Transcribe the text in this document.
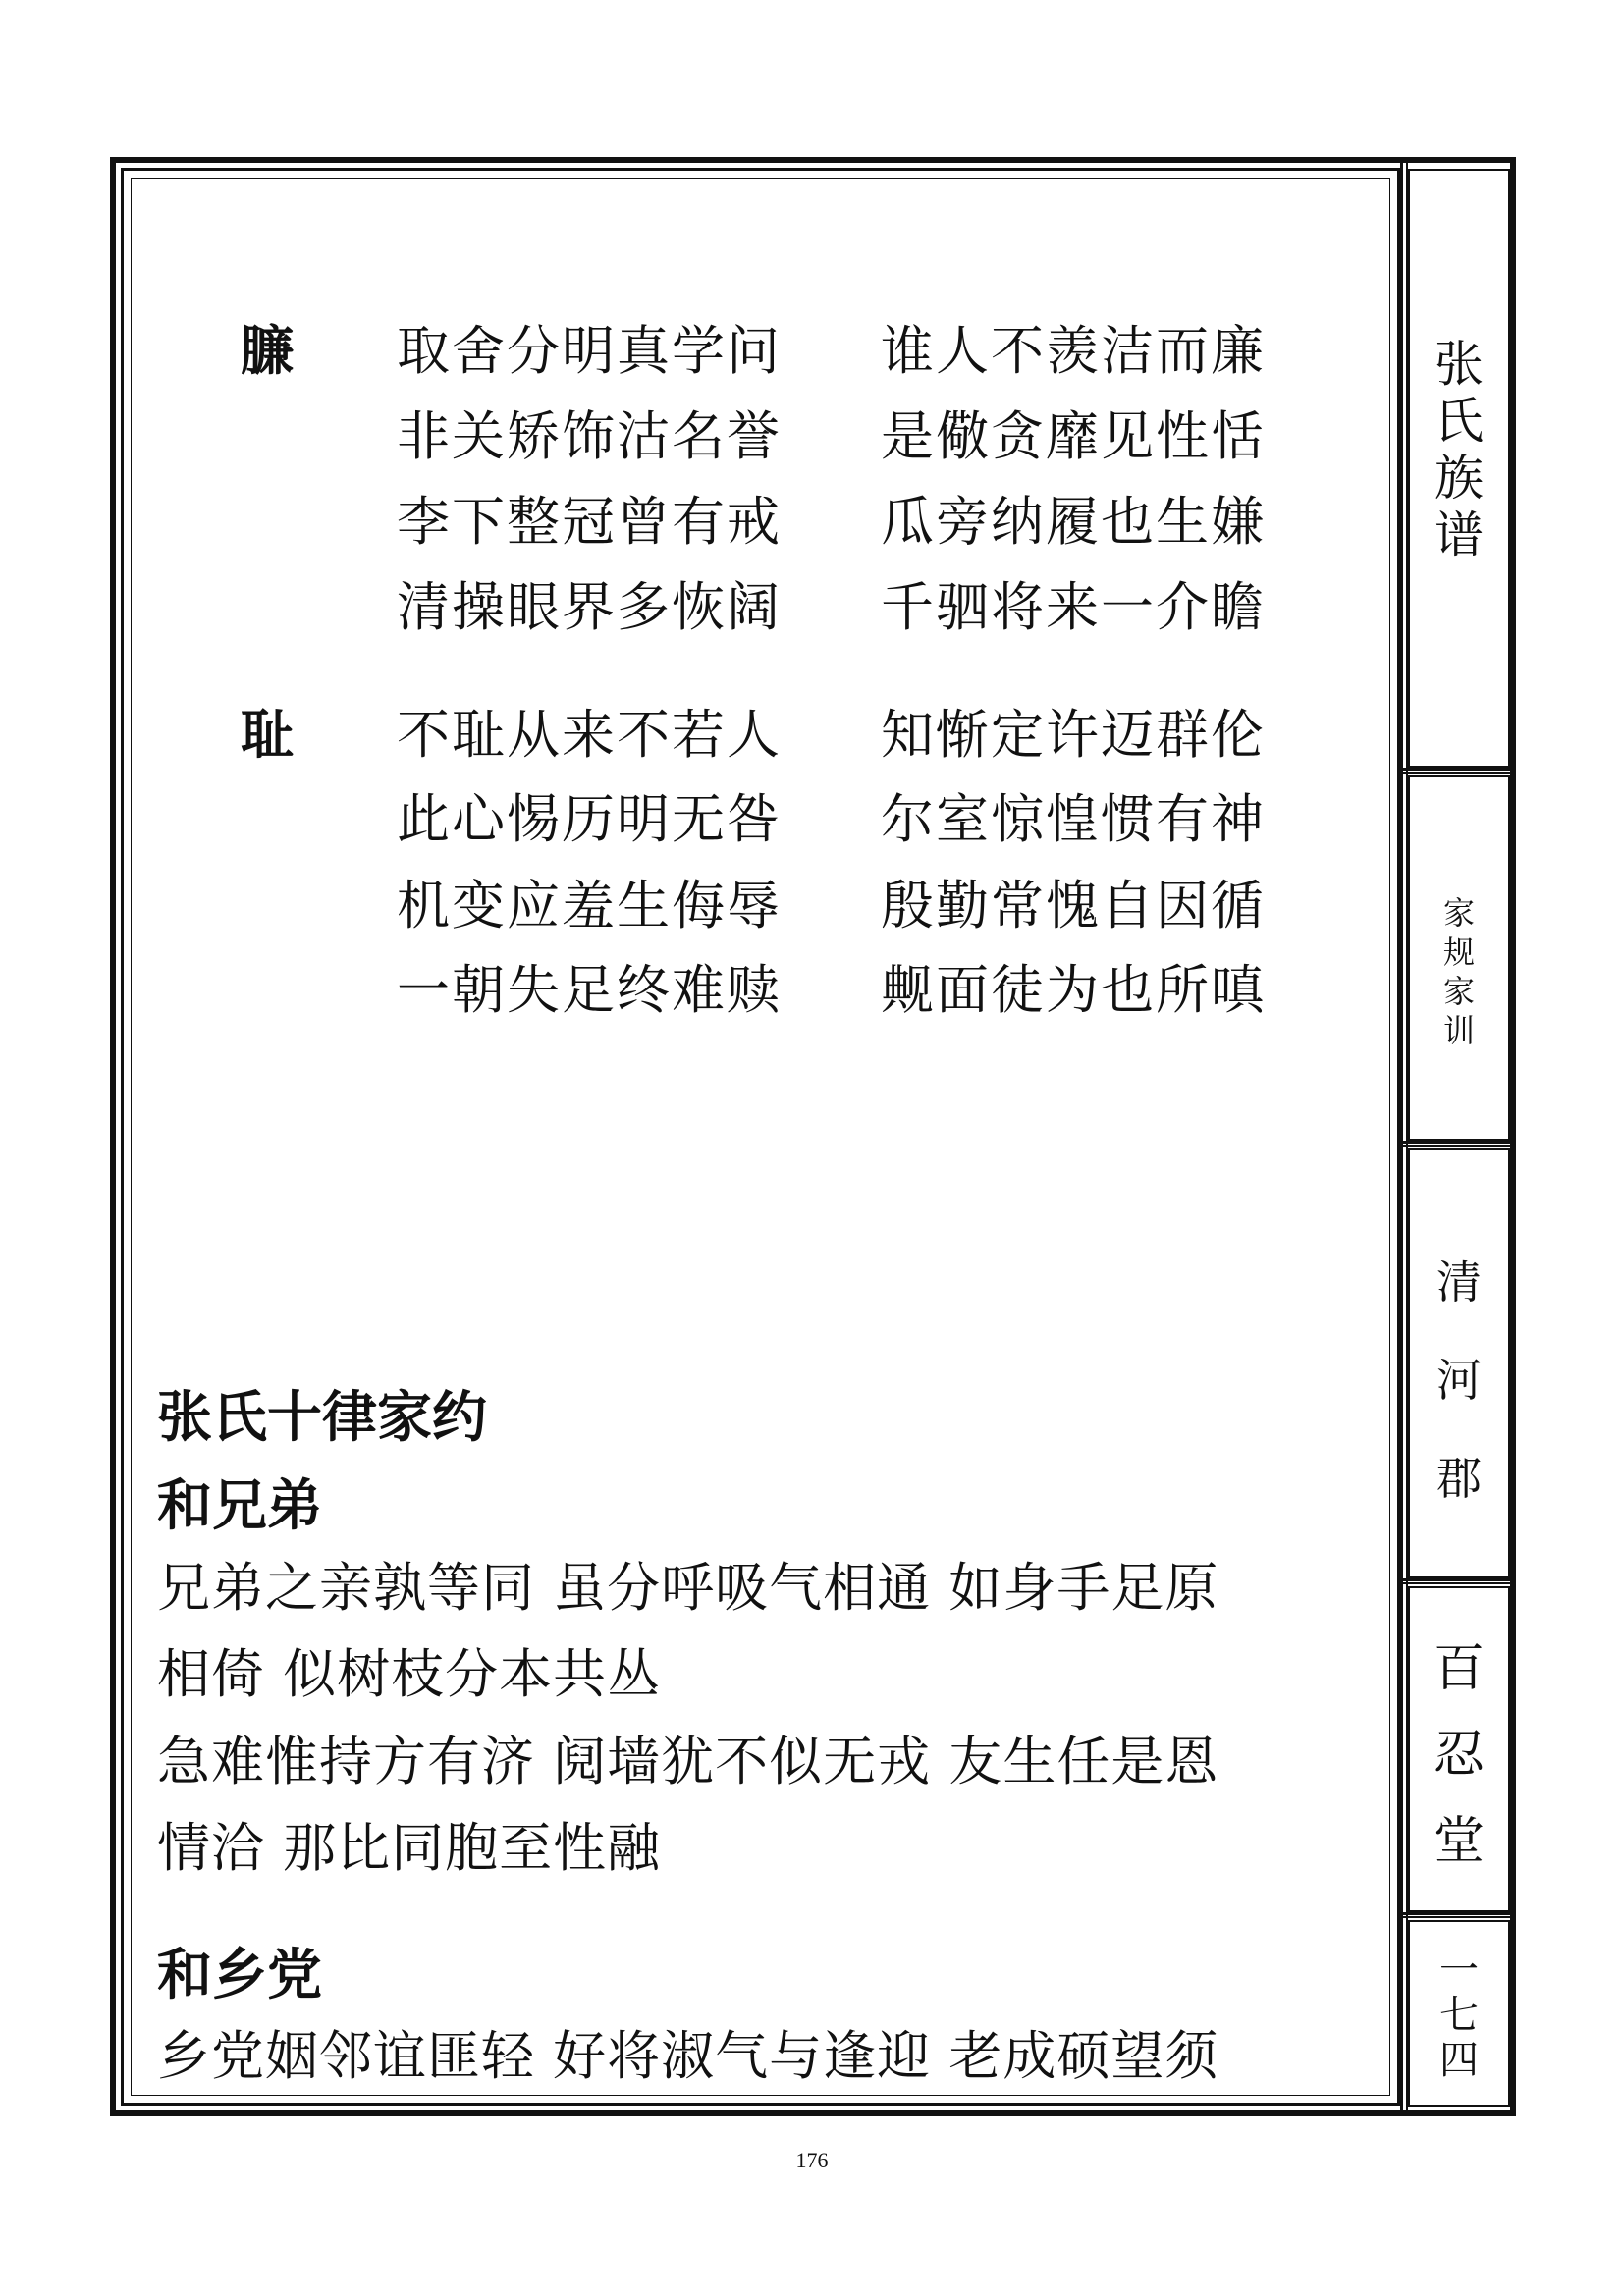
张
氏
族
谱
家
规
家
训
清
河
郡
百
忍
堂
一
七
四
臁 取舍分明真学问 谁人不羡洁而廉
非关矫饰沽名誉 是儆贪靡见性恬
李下整冠曾有戒 瓜旁纳履也生嫌
清操眼界多恢阔 千驷将来一介瞻
耻 不耻从来不若人 知惭定许迈群伦
此心惕历明无咎 尔室惊惶惯有神
机变应羞生侮辱 殷勤常愧自因循
一朝失足终难赎 觍面徒为也所嗔
张氏十律家约
和兄弟
兄弟之亲孰等同 虽分呼吸气相通 如身手足原
相倚 似树枝分本共丛
急难惟持方有济 阋墙犹不似无戎 友生任是恩
情洽 那比同胞至性融
和乡党
乡党姻邻谊匪轻 好将淑气与逢迎 老成硕望须
176
